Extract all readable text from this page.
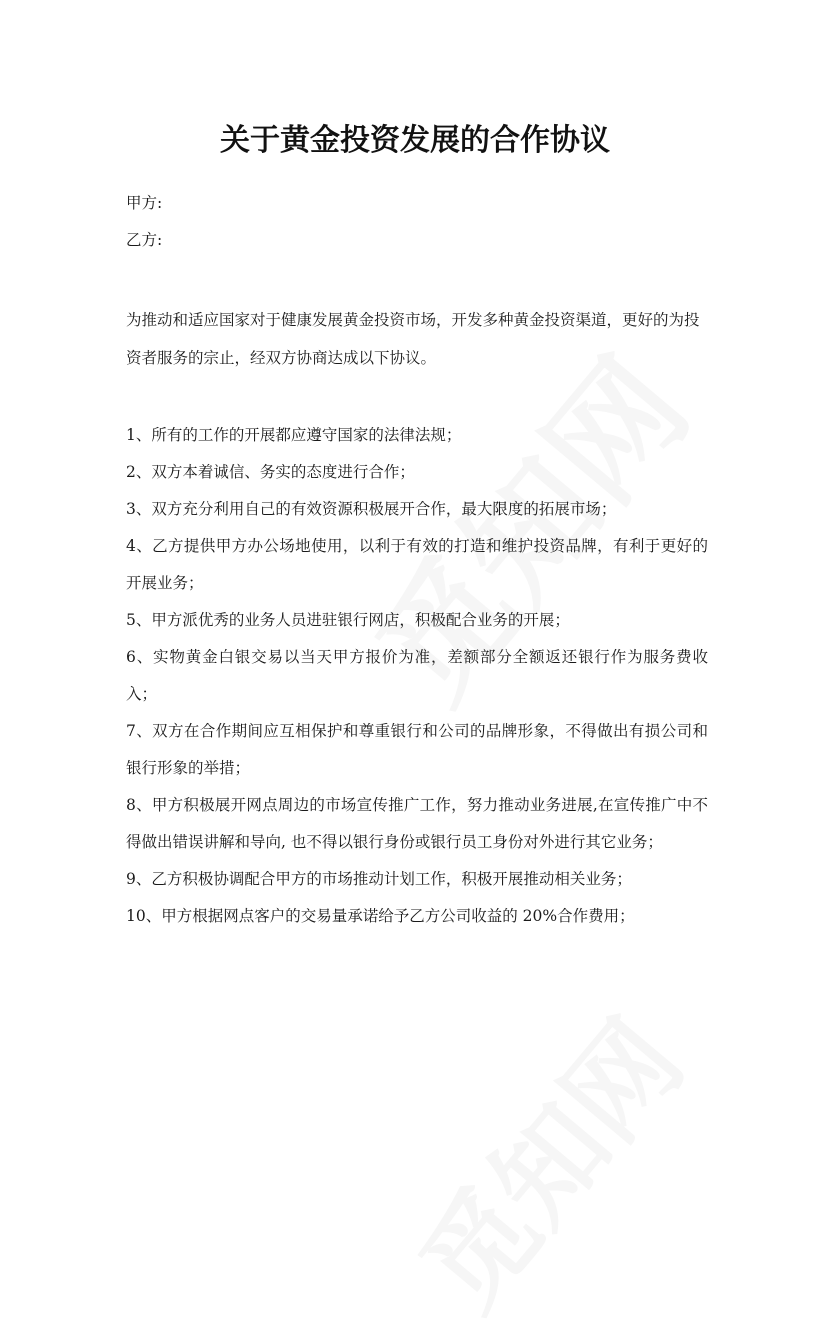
关于黄金投资发展的合作协议
甲方:
乙方:
为推动和适应国家对于健康发展黄金投资市场，开发多种黄金投资渠道，更好的为投资者服务的宗止，经双方协商达成以下协议。
1、所有的工作的开展都应遵守国家的法律法规；
2、双方本着诚信、务实的态度进行合作；
3、双方充分利用自己的有效资源积极展开合作，最大限度的拓展市场；
4、乙方提供甲方办公场地使用，以利于有效的打造和维护投资品牌，有利于更好的开展业务；
5、甲方派优秀的业务人员进驻银行网店，积极配合业务的开展；
6、实物黄金白银交易以当天甲方报价为准，差额部分全额返还银行作为服务费收入；
7、双方在合作期间应互相保护和尊重银行和公司的品牌形象，不得做出有损公司和银行形象的举措；
8、甲方积极展开网点周边的市场宣传推广工作，努力推动业务进展,在宣传推广中不得做出错误讲解和导向, 也不得以银行身份或银行员工身份对外进行其它业务；
9、乙方积极协调配合甲方的市场推动计划工作，积极开展推动相关业务；
10、甲方根据网点客户的交易量承诺给予乙方公司收益的 20%合作费用；
